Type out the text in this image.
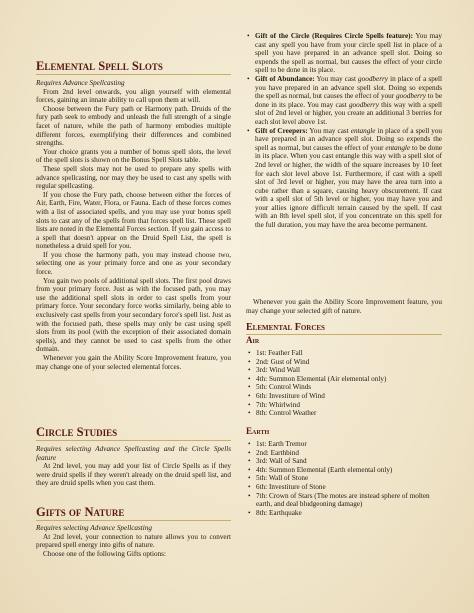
Elemental Spell Slots

Requires Advance Spellcasting

From 2nd level onwards, you align yourself with elemental forces, gaining an innate ability to call upon them at will.

Choose between the Fury path or Harmony path. Druids of the fury path seek to embody and unleash the full strength of a single facet of nature, while the path of harmony embodies multiple different forces, exemplifying their differences and combined strengths.

Your choice grants you a number of bonus spell slots, the level of the spell slots is shown on the Bonus Spell Slots table.

These spell slots may not be used to prepare any spells with advance spellcasting, nor may they be used to cast any spells with regular spellcasting.

If you chose the Fury path, choose between either the forces of Air, Earth, Fire, Water, Flora, or Fauna. Each of these forces comes with a list of associated spells, and you may use your bonus spell slots to cast any of the spells from that forces spell list. These spell lists are noted in the Elemental Forces section. If you gain access to a spell that doesn't appear on the Druid Spell List, the spell is nonetheless a druid spell for you.

If you chose the harmony path, you may instead choose two, selecting one as your primary force and one as your secondary force.

You gain two pools of additional spell slots. The first pool draws from your primary force. Just as with the focused path, you may use the additional spell slots in order to cast spells from your primary force. Your secondary force works similarly, being able to exclusively cast spells from your secondary force's spell list. Just as with the focused path, these spells may only be cast using spell slots from its pool (with the exception of their associated domain spells), and they cannot be used to cast spells from the other domain.

Whenever you gain the Ability Score Improvement feature, you may change one of your selected elemental forces.

Circle Studies

Requires selecting Advance Spellcasting and the Circle Spells feature

At 2nd level, you may add your list of Circle Spells as if they were druid spells if they weren't already on the druid spell list, and they are druid spells when you cast them.

Gifts of Nature

Requires selecting Advance Spellcasting

At 2nd level, your connection to nature allows you to convert prepared spell energy into gifts of nature.

Choose one of the following Gifts options:

• Gift of the Circle (Requires Circle Spells feature): You may cast any spell you have from your circle spell list in place of a spell you have prepared in an advance spell slot. Doing so expends the spell as normal, but causes the effect of your circle spell to be done in its place.
• Gift of Abundance: You may cast goodberry in place of a spell you have prepared in an advance spell slot. Doing so expends the spell as normal, but causes the effect of your goodberry to be done in its place. You may cast goodberry this way with a spell slot of 2nd level or higher, you create an additional 3 berries for each slot level above 1st.
• Gift of Creepers: You may cast entangle in place of a spell you have prepared in an advance spell slot. Doing so expends the spell as normal, but causes the effect of your entangle to be done in its place. When you cast entangle this way with a spell slot of 2nd level or higher, the width of the square increases by 10 feet for each slot level above 1st. Furthermore, if cast with a spell slot of 3rd level or higher, you may have the area turn into a cube rather than a square, causing heavy obscurement. If cast with a spell slot of 5th level or higher, you may have you and your allies ignore difficult terrain caused by the spell. If cast with an 8th level spell slot, if you concentrate on this spell for the full duration, you may have the area become permanent.

Whenever you gain the Ability Score Improvement feature, you may change your selected gift of nature.

Elemental Forces
Air
• 1st: Feather Fall
• 2nd: Gust of Wind
• 3rd: Wind Wall
• 4th: Summon Elemental (Air elemental only)
• 5th: Control Winds
• 6th: Investiture of Wind
• 7th: Whirlwind
• 8th: Control Weather
Earth
• 1st: Earth Tremor
• 2nd: Earthbind
• 3rd: Wall of Sand
• 4th: Summon Elemental (Earth elemental only)
• 5th: Wall of Stone
• 6th: Investiture of Stone
• 7th: Crown of Stars (The motes are instead sphere of molten earth, and deal bludgeoning damage)
• 8th: Earthquake
